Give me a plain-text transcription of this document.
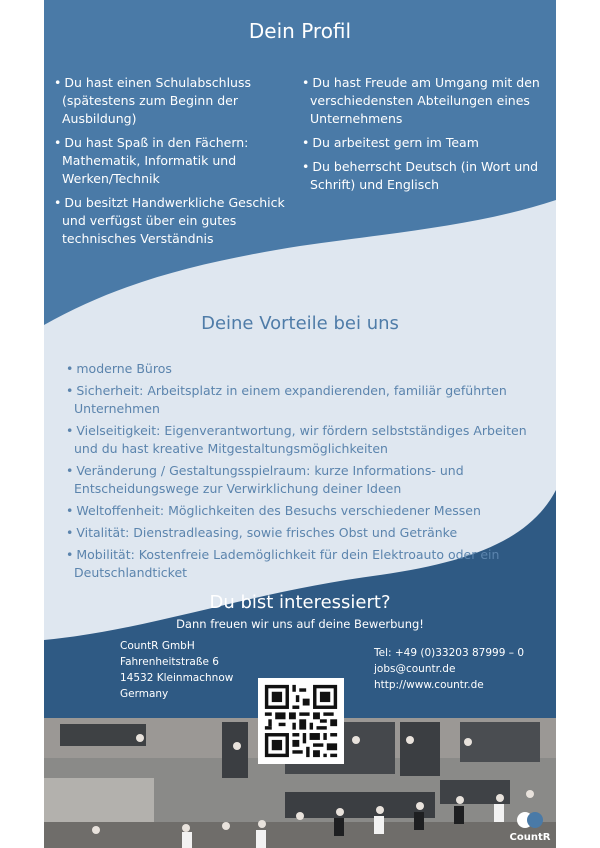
Dein Profil
• Du hast einen Schulabschluss (spätestens zum Beginn der Ausbildung)
• Du hast Spaß in den Fächern: Mathematik, Informatik und Werken/Technik
• Du besitzt Handwerkliche Geschick und verfügst über ein gutes technisches Verständnis
• Du hast Freude am Umgang mit den verschiedensten Abteilungen eines Unternehmens
• Du arbeitest gern im Team
• Du beherrscht Deutsch (in Wort und Schrift) und Englisch
Deine Vorteile bei uns
• moderne Büros
• Sicherheit: Arbeitsplatz in einem expandierenden, familiär geführten Unternehmen
• Vielseitigkeit: Eigenverantwortung, wir fördern selbstständiges Arbeiten und du hast kreative Mitgestaltungsmöglichkeiten
• Veränderung / Gestaltungsspielraum: kurze Informations- und Entscheidungswege zur Verwirklichung deiner Ideen
• Weltoffenheit: Möglichkeiten des Besuchs verschiedener Messen
• Vitalität: Dienstradleasing, sowie frisches Obst und Getränke
• Mobilität: Kostenfreie Lademöglichkeit für dein Elektroauto oder ein Deutschlandticket
Du bist interessiert?
Dann freuen wir uns auf deine Bewerbung!
CountR GmbH
Fahrenheitstraße 6
14532 Kleinmachnow
Germany
Tel: +49 (0)33203 87999 – 0
jobs@countr.de
http://www.countr.de
CountR
